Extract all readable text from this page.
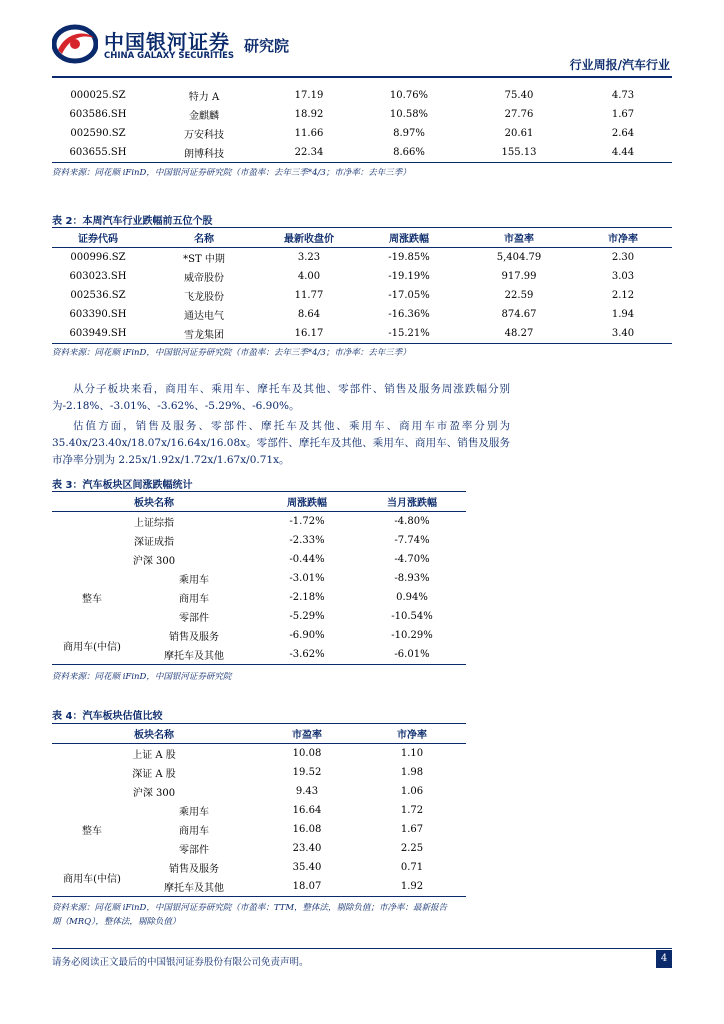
中国银河证券
CHINA GALAXY SECURITIES
研究院
行业周报/汽车行业
000025.SZ	特力 A	17.19	10.76%	75.40	4.73
603586.SH	金麒麟	18.92	10.58%	27.76	1.67
002590.SZ	万安科技	11.66	8.97%	20.61	2.64
603655.SH	朗博科技	22.34	8.66%	155.13	4.44
资料来源：同花顺 iFinD，中国银河证券研究院（市盈率：去年三季*4/3；市净率：去年三季）
表 2：本周汽车行业跌幅前五位个股
证券代码	名称	最新收盘价	周涨跌幅	市盈率	市净率
000996.SZ	*ST 中期	3.23	-19.85%	5,404.79	2.30
603023.SH	威帝股份	4.00	-19.19%	917.99	3.03
002536.SZ	飞龙股份	11.77	-17.05%	22.59	2.12
603390.SH	通达电气	8.64	-16.36%	874.67	1.94
603949.SH	雪龙集团	16.17	-15.21%	48.27	3.40
资料来源：同花顺 iFinD，中国银河证券研究院（市盈率：去年三季*4/3；市净率：去年三季）
从分子板块来看，商用车、乘用车、摩托车及其他、零部件、销售及服务周涨跌幅分别为-2.18%、-3.01%、-3.62%、-5.29%、-6.90%。
估值方面，销售及服务、零部件、摩托车及其他、乘用车、商用车市盈率分别为35.40x/23.40x/18.07x/16.64x/16.08x。零部件、摩托车及其他、乘用车、商用车、销售及服务市净率分别为 2.25x/1.92x/1.72x/1.67x/0.71x。
表 3：汽车板块区间涨跌幅统计
板块名称		周涨跌幅	当月涨跌幅
上证综指		-1.72%	-4.80%
深证成指		-2.33%	-7.74%
沪深 300		-0.44%	-4.70%
整车	乘用车	-3.01%	-8.93%
	商用车	-2.18%	0.94%
	零部件	-5.29%	-10.54%
商用车(中信)	销售及服务	-6.90%	-10.29%
	摩托车及其他	-3.62%	-6.01%
资料来源：同花顺 iFinD，中国银河证券研究院
表 4：汽车板块估值比较
板块名称		市盈率	市净率
上证 A 股		10.08	1.10
深证 A 股		19.52	1.98
沪深 300		9.43	1.06
整车	乘用车	16.64	1.72
	商用车	16.08	1.67
	零部件	23.40	2.25
商用车(中信)	销售及服务	35.40	0.71
	摩托车及其他	18.07	1.92
资料来源：同花顺 iFinD，中国银河证券研究院（市盈率：TTM，整体法，剔除负值；市净率：最新报告
期（MRQ），整体法，剔除负值）
请务必阅读正文最后的中国银河证券股份有限公司免责声明。	4
